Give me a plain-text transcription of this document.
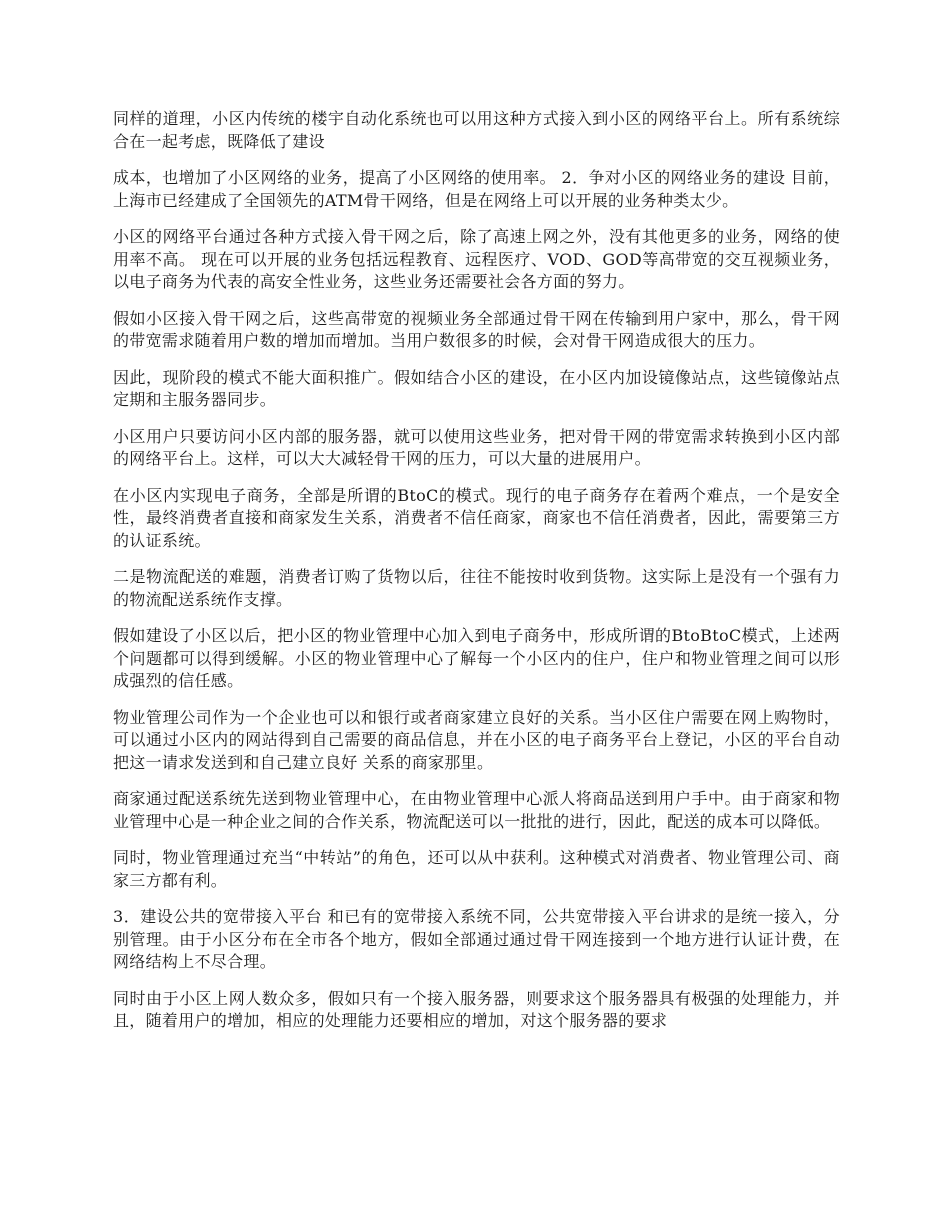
同样的道理，小区内传统的楼宇自动化系统也可以用这种方式接入到小区的网络平台上。所有系统综合在一起考虑，既降低了建设

成本，也增加了小区网络的业务，提高了小区网络的使用率。 2．争对小区的网络业务的建设 目前，上海市已经建成了全国领先的ATM骨干网络，但是在网络上可以开展的业务种类太少。

小区的网络平台通过各种方式接入骨干网之后，除了高速上网之外，没有其他更多的业务，网络的使用率不高。 现在可以开展的业务包括远程教育、远程医疗、VOD、GOD等高带宽的交互视频业务，以电子商务为代表的高安全性业务，这些业务还需要社会各方面的努力。

假如小区接入骨干网之后，这些高带宽的视频业务全部通过骨干网在传输到用户家中，那么，骨干网的带宽需求随着用户数的增加而增加。当用户数很多的时候，会对骨干网造成很大的压力。

因此，现阶段的模式不能大面积推广。假如结合小区的建设，在小区内加设镜像站点，这些镜像站点定期和主服务器同步。

小区用户只要访问小区内部的服务器，就可以使用这些业务，把对骨干网的带宽需求转换到小区内部的网络平台上。这样，可以大大减轻骨干网的压力，可以大量的进展用户。

在小区内实现电子商务，全部是所谓的BtoC的模式。现行的电子商务存在着两个难点，一个是安全性，最终消费者直接和商家发生关系，消费者不信任商家，商家也不信任消费者，因此，需要第三方的认证系统。

二是物流配送的难题，消费者订购了货物以后，往往不能按时收到货物。这实际上是没有一个强有力的物流配送系统作支撑。

假如建设了小区以后，把小区的物业管理中心加入到电子商务中，形成所谓的BtoBtoC模式，上述两个问题都可以得到缓解。小区的物业管理中心了解每一个小区内的住户，住户和物业管理之间可以形成强烈的信任感。

物业管理公司作为一个企业也可以和银行或者商家建立良好的关系。当小区住户需要在网上购物时，可以通过小区内的网站得到自己需要的商品信息，并在小区的电子商务平台上登记，小区的平台自动把这一请求发送到和自己建立良好 关系的商家那里。

商家通过配送系统先送到物业管理中心，在由物业管理中心派人将商品送到用户手中。由于商家和物业管理中心是一种企业之间的合作关系，物流配送可以一批批的进行，因此，配送的成本可以降低。

同时，物业管理通过充当“中转站”的角色，还可以从中获利。这种模式对消费者、物业管理公司、商家三方都有利。

3．建设公共的宽带接入平台 和已有的宽带接入系统不同，公共宽带接入平台讲求的是统一接入，分别管理。由于小区分布在全市各个地方，假如全部通过通过骨干网连接到一个地方进行认证计费，在网络结构上不尽合理。

同时由于小区上网人数众多，假如只有一个接入服务器，则要求这个服务器具有极强的处理能力，并且，随着用户的增加，相应的处理能力还要相应的增加，对这个服务器的要求
